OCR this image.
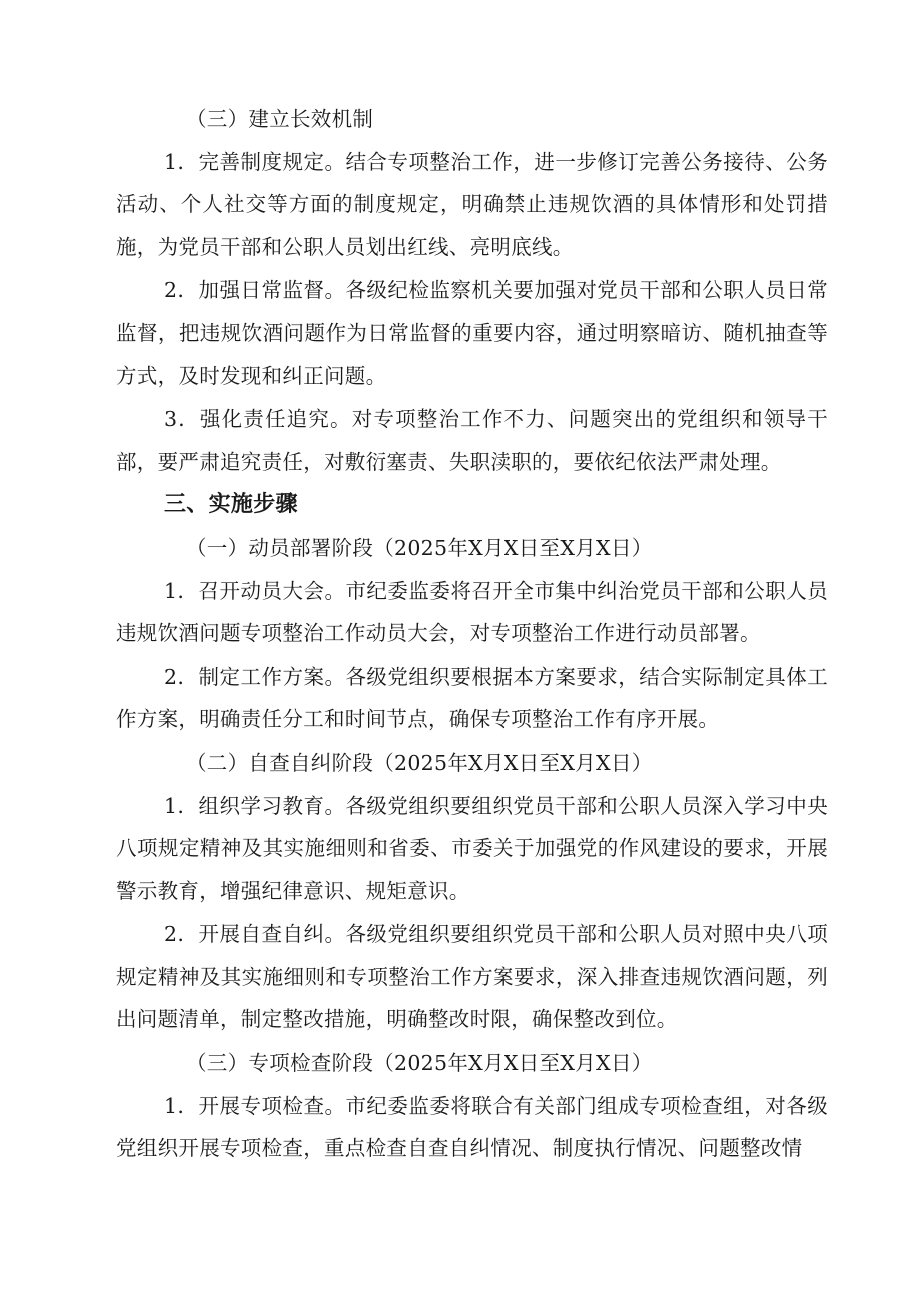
（三）建立长效机制

1．完善制度规定。结合专项整治工作，进一步修订完善公务接待、公务活动、个人社交等方面的制度规定，明确禁止违规饮酒的具体情形和处罚措施，为党员干部和公职人员划出红线、亮明底线。

2．加强日常监督。各级纪检监察机关要加强对党员干部和公职人员日常监督，把违规饮酒问题作为日常监督的重要内容，通过明察暗访、随机抽查等方式，及时发现和纠正问题。

3．强化责任追究。对专项整治工作不力、问题突出的党组织和领导干部，要严肃追究责任，对敷衍塞责、失职渎职的，要依纪依法严肃处理。

三、实施步骤

（一）动员部署阶段（2025年X月X日至X月X日）

1．召开动员大会。市纪委监委将召开全市集中纠治党员干部和公职人员违规饮酒问题专项整治工作动员大会，对专项整治工作进行动员部署。

2．制定工作方案。各级党组织要根据本方案要求，结合实际制定具体工作方案，明确责任分工和时间节点，确保专项整治工作有序开展。

（二）自查自纠阶段（2025年X月X日至X月X日）

1．组织学习教育。各级党组织要组织党员干部和公职人员深入学习中央八项规定精神及其实施细则和省委、市委关于加强党的作风建设的要求，开展警示教育，增强纪律意识、规矩意识。

2．开展自查自纠。各级党组织要组织党员干部和公职人员对照中央八项规定精神及其实施细则和专项整治工作方案要求，深入排查违规饮酒问题，列出问题清单，制定整改措施，明确整改时限，确保整改到位。

（三）专项检查阶段（2025年X月X日至X月X日）

1．开展专项检查。市纪委监委将联合有关部门组成专项检查组，对各级党组织开展专项检查，重点检查自查自纠情况、制度执行情况、问题整改情
